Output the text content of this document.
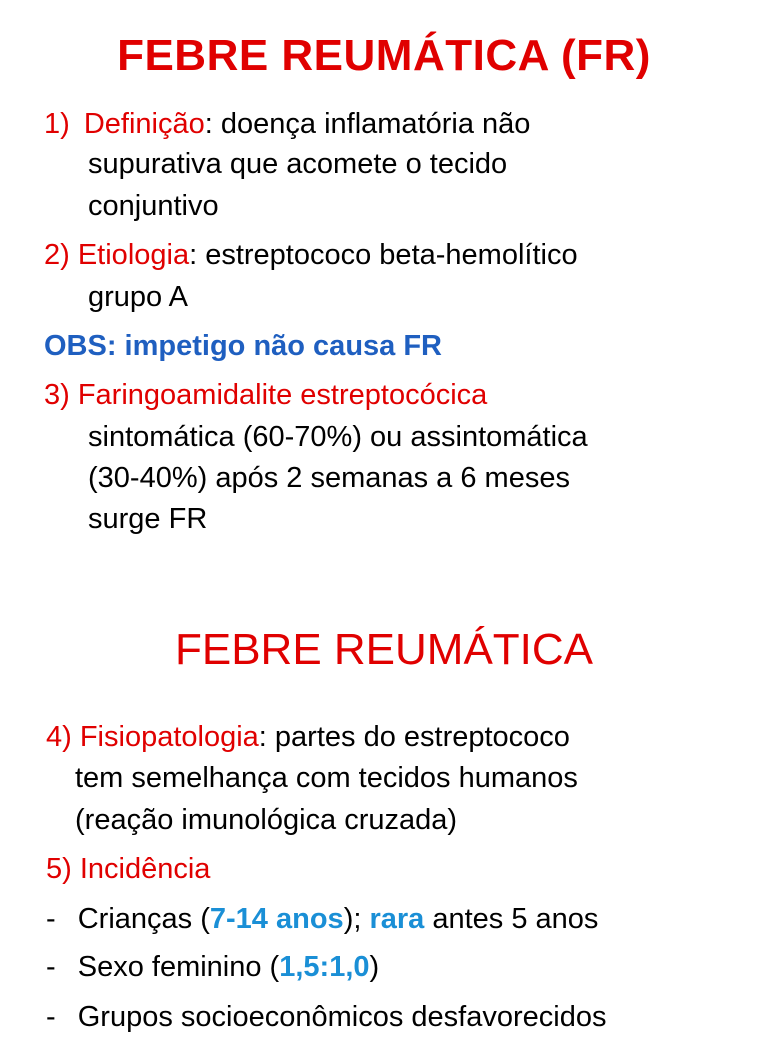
FEBRE REUMÁTICA (FR)
1) Definição: doença inflamatória não
supurativa que acomete o tecido
conjuntivo
2) Etiologia: estreptococo beta-hemolítico
grupo A
OBS: impetigo não causa FR
3) Faringoamidalite estreptocócica
sintomática (60-70%) ou assintomática
(30-40%) após 2 semanas a 6 meses
surge FR
FEBRE REUMÁTICA
4) Fisiopatologia: partes do estreptococo
tem semelhança com tecidos humanos
(reação imunológica cruzada)
5) Incidência
- Crianças (7-14 anos); rara antes 5 anos
- Sexo feminino (1,5:1,0)
- Grupos socioeconômicos desfavorecidos
